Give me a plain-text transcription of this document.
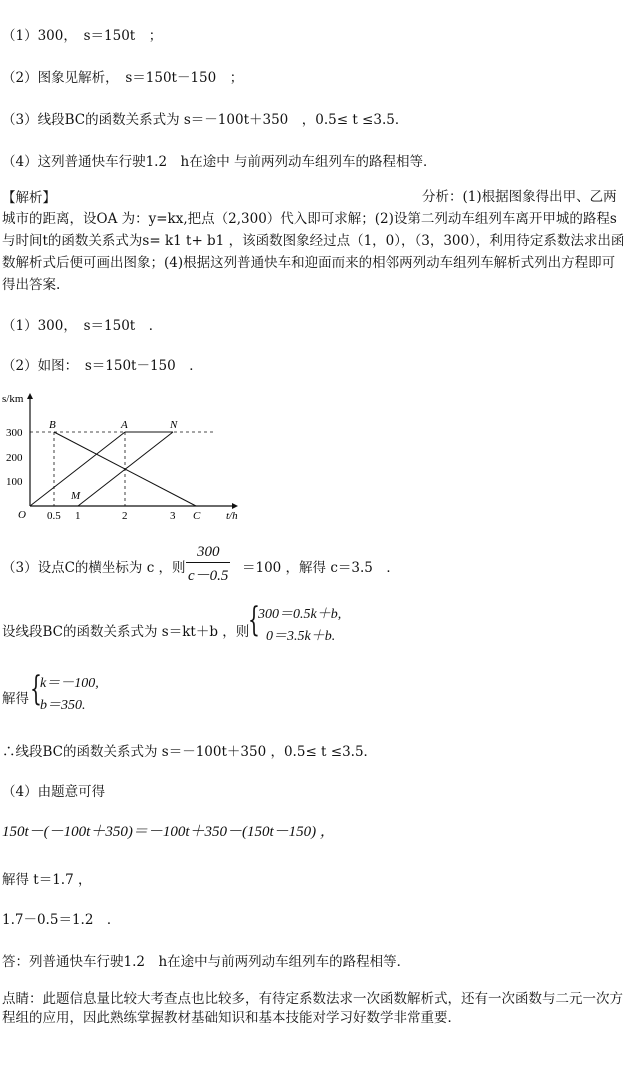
（1）300，　s＝150t　；
（2）图象见解析，　s＝150t－150　；
（3）线段BC的函数关系式为 s＝－100t＋350　，0.5≤ t ≤3.5．
（4）这列普通快车行驶1.2　h在途中 与前两列动车组列车的路程相等．
【解析】	分析：(1)根据图象得出甲、乙两城市的距离，设OA 为：y=kx,把点（2,300）代入即可求解；(2)设第二列动车组列车离开甲城的路程s与时间t的函数关系式为s= k1 t+ b1 ，该函数图象经过点（1，0），（3，300），利用待定系数法求出函数解析式后便可画出图象；(4)根据这列普通快车和迎面而来的相邻两列动车组列车解析式列出方程即可得出答案.
（1）300，　s＝150t　．
（2）如图：　s＝150t－150　．
s/km
300
200
100
O 0.5 1	2	3	t/h
B	A	N
M
C
（3）设点C的横坐标为 c ，则
300
c－0.5 ＝100 ，解得 c＝3.5　．
设线段BC的函数关系式为 s＝kt＋b ，则
{
300＝0.5k＋b,
0＝3.5k＋b.
解得 {
k＝－100,
b＝350.
∴线段BC的函数关系式为 s＝－100t＋350 ，0.5≤ t ≤3.5．
（4）由题意可得
150t－(－100t＋350)＝－100t＋350－(150t－150) ，
解得 t＝1.7 ，
1.7－0.5＝1.2　．
答：列普通快车行驶1.2　h在途中与前两列动车组列车的路程相等．
点睛：此题信息量比较大考查点也比较多，有待定系数法求一次函数解析式，还有一次函数与二元一次方程组的应用，因此熟练掌握教材基础知识和基本技能对学习好数学非常重要．
